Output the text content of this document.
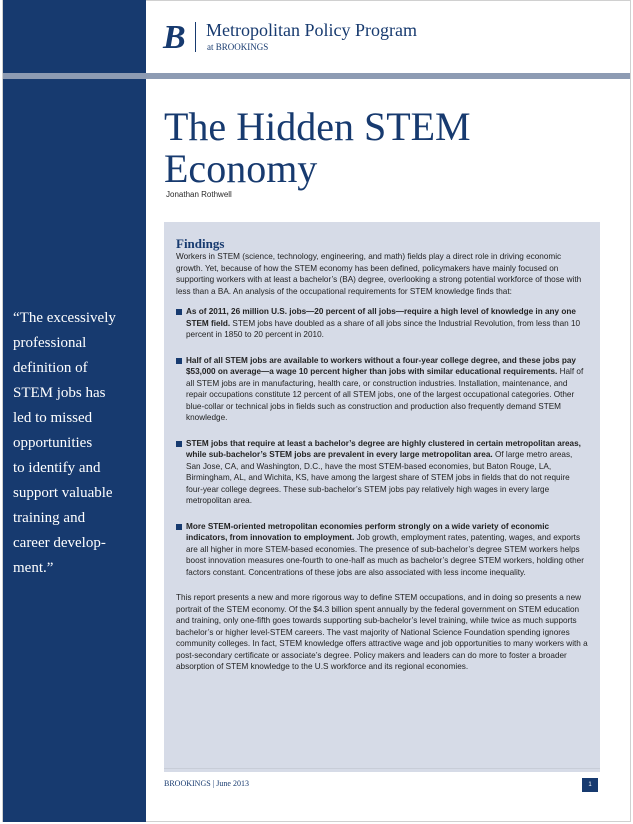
B Metropolitan Policy Program
at BROOKINGS
“The excessively
professional
definition of
STEM jobs has
led to missed
opportunities
to identify and
support valuable
training and
career develop-
ment.”
The Hidden STEM
Economy
Jonathan Rothwell
Findings

Workers in STEM (science, technology, engineering, and math) fields play a direct role in driving economic growth. Yet, because of how the STEM economy has been defined, policymakers have mainly focused on supporting workers with at least a bachelor’s (BA) degree, overlooking a strong potential workforce of those with less than a BA. An analysis of the occupational requirements for STEM knowledge finds that:

As of 2011, 26 million U.S. jobs—20 percent of all jobs—require a high level of knowledge in any one STEM field. STEM jobs have doubled as a share of all jobs since the Industrial Revolution, from less than 10 percent in 1850 to 20 percent in 2010.
Half of all STEM jobs are available to workers without a four-year college degree, and these jobs pay $53,000 on average—a wage 10 percent higher than jobs with similar educational requirements. Half of all STEM jobs are in manufacturing, health care, or construction industries. Installation, maintenance, and repair occupations constitute 12 percent of all STEM jobs, one of the largest occupational categories. Other blue-collar or technical jobs in fields such as construction and production also frequently demand STEM knowledge.
STEM jobs that require at least a bachelor’s degree are highly clustered in certain metropolitan areas, while sub-bachelor’s STEM jobs are prevalent in every large metropolitan area. Of large metro areas, San Jose, CA, and Washington, D.C., have the most STEM-based economies, but Baton Rouge, LA, Birmingham, AL, and Wichita, KS, have among the largest share of STEM jobs in fields that do not require four-year college degrees. These sub-bachelor’s STEM jobs pay relatively high wages in every large metropolitan area.
More STEM-oriented metropolitan economies perform strongly on a wide variety of economic indicators, from innovation to employment. Job growth, employment rates, patenting, wages, and exports are all higher in more STEM-based economies. The presence of sub-bachelor’s degree STEM workers helps boost innovation measures one-fourth to one-half as much as bachelor’s degree STEM workers, holding other factors constant. Concentrations of these jobs are also associated with less income inequality.

This report presents a new and more rigorous way to define STEM occupations, and in doing so presents a new portrait of the STEM economy. Of the $4.3 billion spent annually by the federal government on STEM education and training, only one-fifth goes towards supporting sub-bachelor’s level training, while twice as much supports bachelor’s or higher level-STEM careers. The vast majority of National Science Foundation spending ignores community colleges. In fact, STEM knowledge offers attractive wage and job opportunities to many workers with a post-secondary certificate or associate’s degree. Policy makers and leaders can do more to foster a broader absorption of STEM knowledge to the U.S workforce and its regional economies.

BROOKINGS | June 2013	1
